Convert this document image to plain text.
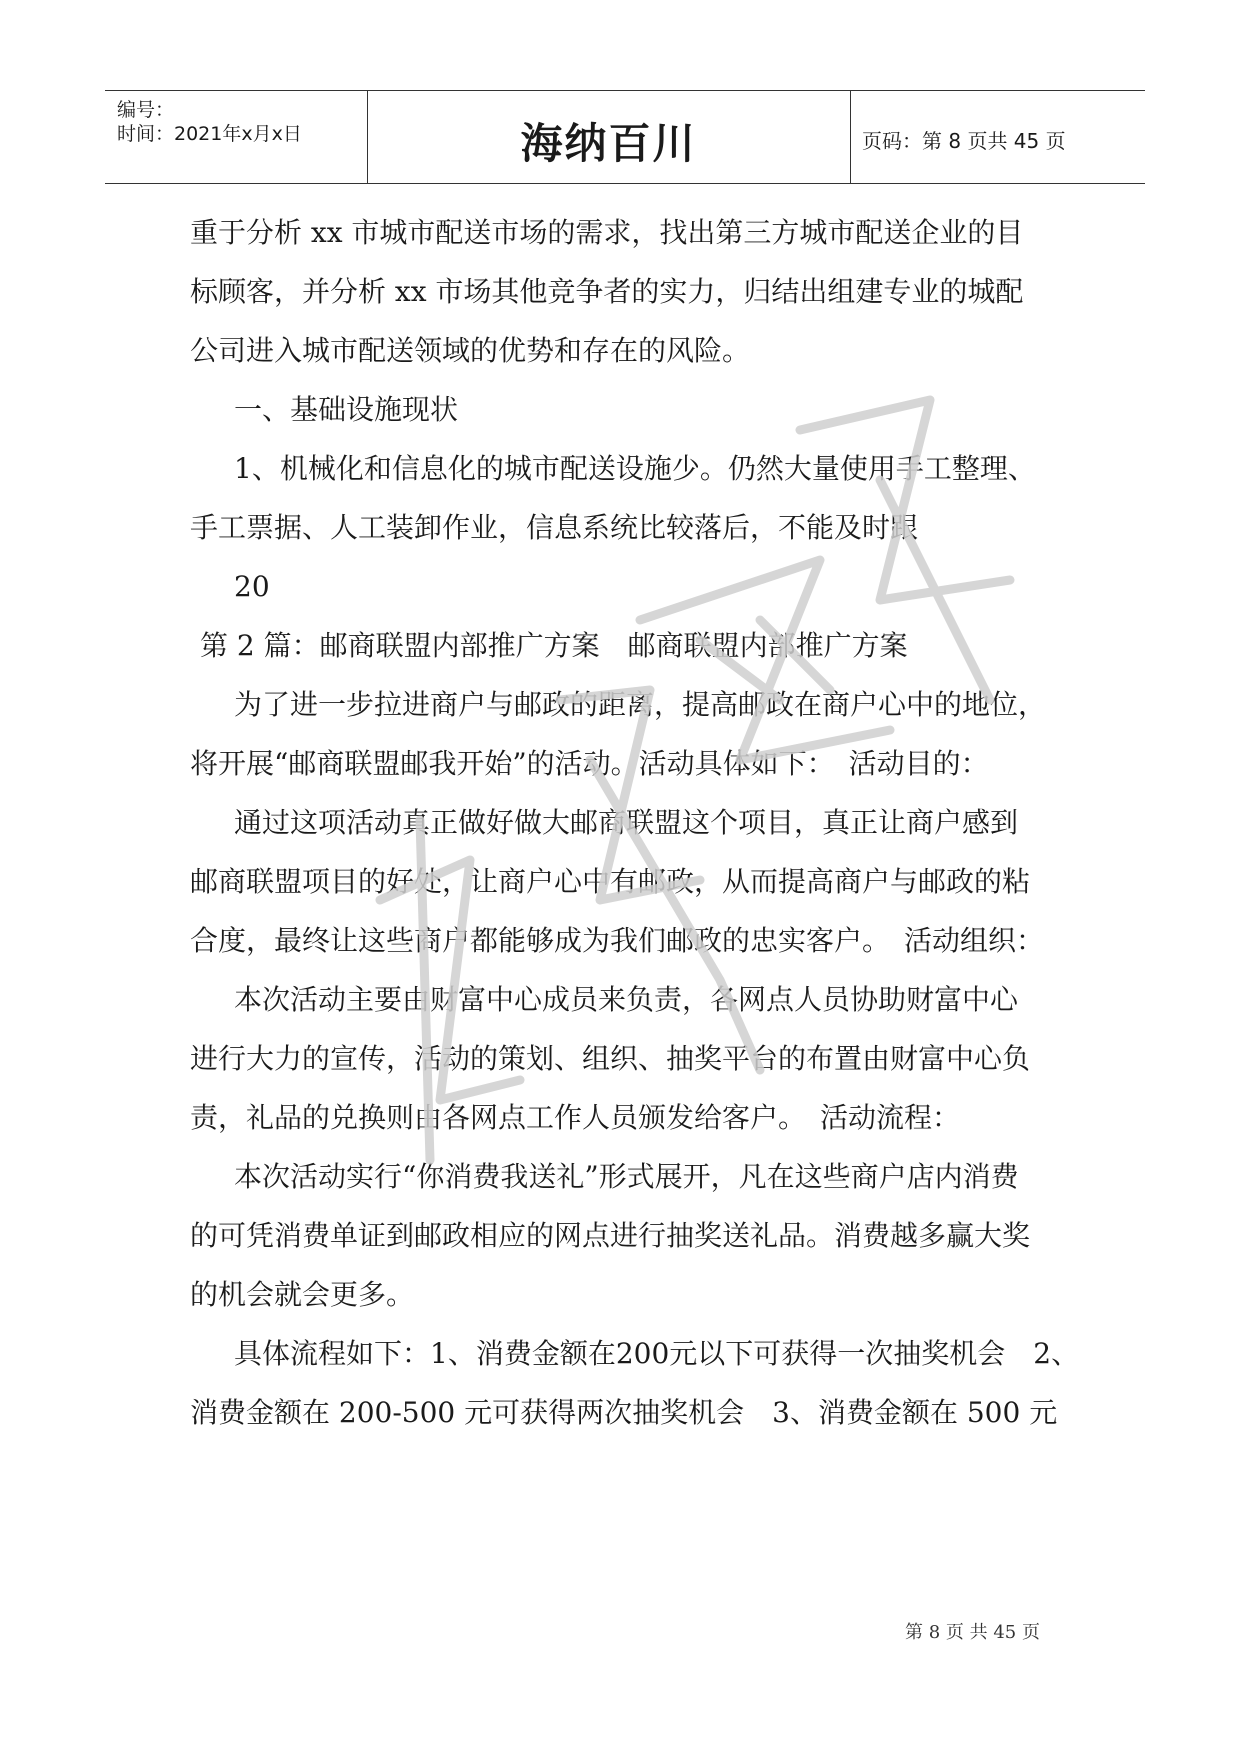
编号：
时间：2021年x月x日	海纳百川	页码：第 8 页共 45 页
重于分析 xx 市城市配送市场的需求，找出第三方城市配送企业的目
标顾客，并分析 xx 市场其他竞争者的实力，归结出组建专业的城配
公司进入城市配送领域的优势和存在的风险。
一、基础设施现状
1、机械化和信息化的城市配送设施少。仍然大量使用手工整理、
手工票据、人工装卸作业，信息系统比较落后，不能及时跟
20
第 2 篇：邮商联盟内部推广方案　邮商联盟内部推广方案
为了进一步拉进商户与邮政的距离，提高邮政在商户心中的地位，
将开展“邮商联盟邮我开始”的活动。活动具体如下：　活动目的：
通过这项活动真正做好做大邮商联盟这个项目，真正让商户感到
邮商联盟项目的好处，让商户心中有邮政，从而提高商户与邮政的粘
合度，最终让这些商户都能够成为我们邮政的忠实客户。　活动组织：
本次活动主要由财富中心成员来负责，各网点人员协助财富中心
进行大力的宣传，活动的策划、组织、抽奖平台的布置由财富中心负
责，礼品的兑换则由各网点工作人员颁发给客户。　活动流程：
本次活动实行“你消费我送礼”形式展开，凡在这些商户店内消费
的可凭消费单证到邮政相应的网点进行抽奖送礼品。消费越多赢大奖
的机会就会更多。
具体流程如下：1、消费金额在200元以下可获得一次抽奖机会　2、
消费金额在 200-500 元可获得两次抽奖机会　3、消费金额在 500 元
第 8 页 共 45 页
